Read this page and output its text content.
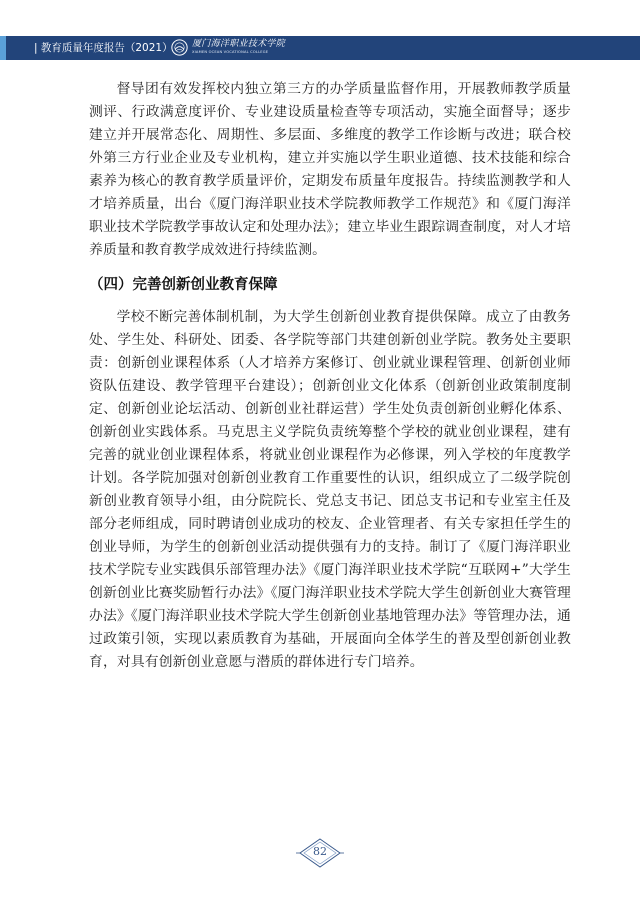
| 教育质量年度报告（2021） 厦门海洋职业技术学院
XIAMEN OCEAN VOCATIONAL COLLEGE

督导团有效发挥校内独立第三方的办学质量监督作用，开展教师教学质量测评、行政满意度评价、专业建设质量检查等专项活动，实施全面督导；逐步建立并开展常态化、周期性、多层面、多维度的教学工作诊断与改进；联合校外第三方行业企业及专业机构，建立并实施以学生职业道德、技术技能和综合素养为核心的教育教学质量评价，定期发布质量年度报告。持续监测教学和人才培养质量，出台《厦门海洋职业技术学院教师教学工作规范》和《厦门海洋职业技术学院教学事故认定和处理办法》；建立毕业生跟踪调查制度，对人才培养质量和教育教学成效进行持续监测。

（四）完善创新创业教育保障

学校不断完善体制机制，为大学生创新创业教育提供保障。成立了由教务处、学生处、科研处、团委、各学院等部门共建创新创业学院。教务处主要职责：创新创业课程体系（人才培养方案修订、创业就业课程管理、创新创业师资队伍建设、教学管理平台建设）；创新创业文化体系（创新创业政策制度制定、创新创业论坛活动、创新创业社群运营）学生处负责创新创业孵化体系、创新创业实践体系。马克思主义学院负责统筹整个学校的就业创业课程，建有完善的就业创业课程体系，将就业创业课程作为必修课，列入学校的年度教学计划。各学院加强对创新创业教育工作重要性的认识，组织成立了二级学院创新创业教育领导小组，由分院院长、党总支书记、团总支书记和专业室主任及部分老师组成，同时聘请创业成功的校友、企业管理者、有关专家担任学生的创业导师，为学生的创新创业活动提供强有力的支持。制订了《厦门海洋职业技术学院专业实践俱乐部管理办法》《厦门海洋职业技术学院“互联网+”大学生创新创业比赛奖励暂行办法》《厦门海洋职业技术学院大学生创新创业大赛管理办法》《厦门海洋职业技术学院大学生创新创业基地管理办法》等管理办法，通过政策引领，实现以素质教育为基础，开展面向全体学生的普及型创新创业教育，对具有创新创业意愿与潜质的群体进行专门培养。

82
